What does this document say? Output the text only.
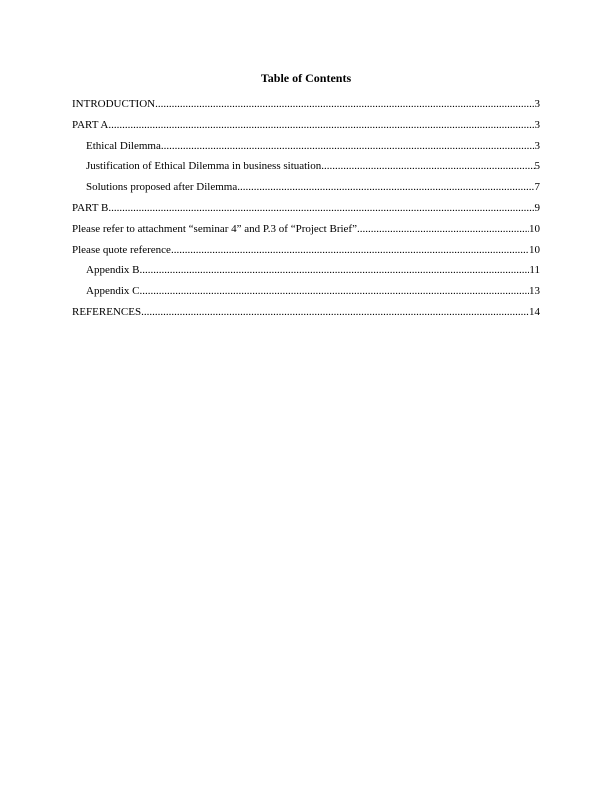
Table of Contents
INTRODUCTION .....	3
PART A .....	3
Ethical Dilemma .....	3
Justification of Ethical Dilemma in business situation .....	5
Solutions proposed after Dilemma .....	7
PART B .....	9
Please refer to attachment “seminar 4” and P.3 of “Project Brief” .....	10
Please quote reference .....	10
Appendix B .....	11
Appendix C .....	13
REFERENCES .....	14
